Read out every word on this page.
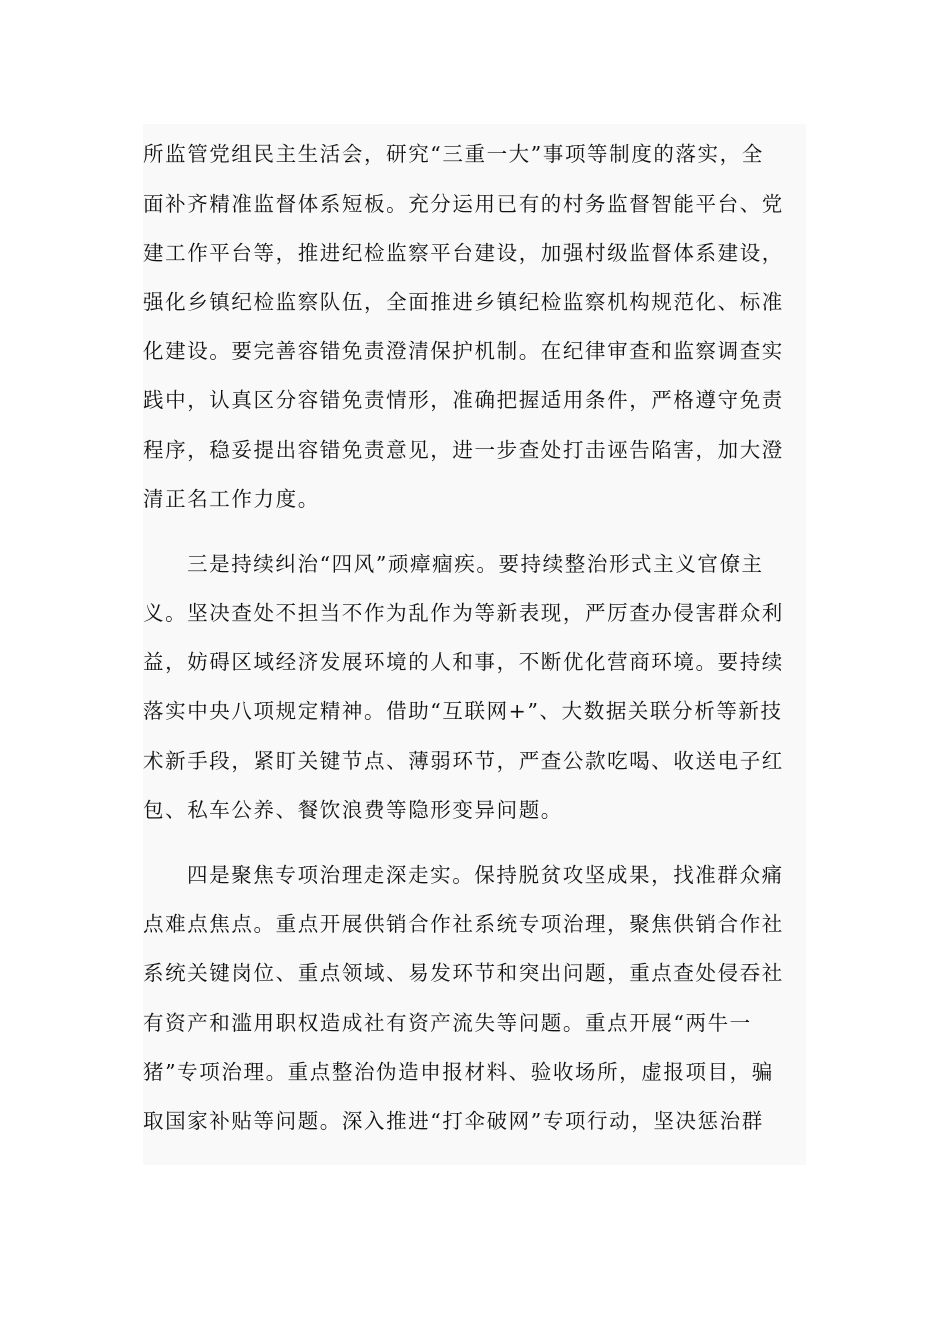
所监管党组民主生活会，研究“三重一大”事项等制度的落实，全
面补齐精准监督体系短板。充分运用已有的村务监督智能平台、党
建工作平台等，推进纪检监察平台建设，加强村级监督体系建设，
强化乡镇纪检监察队伍，全面推进乡镇纪检监察机构规范化、标准
化建设。要完善容错免责澄清保护机制。在纪律审查和监察调查实
践中，认真区分容错免责情形，准确把握适用条件，严格遵守免责
程序，稳妥提出容错免责意见，进一步查处打击诬告陷害，加大澄
清正名工作力度。
三是持续纠治“四风”顽瘴痼疾。要持续整治形式主义官僚主
义。坚决查处不担当不作为乱作为等新表现，严厉查办侵害群众利
益，妨碍区域经济发展环境的人和事，不断优化营商环境。要持续
落实中央八项规定精神。借助“互联网+”、大数据关联分析等新技
术新手段，紧盯关键节点、薄弱环节，严查公款吃喝、收送电子红
包、私车公养、餐饮浪费等隐形变异问题。
四是聚焦专项治理走深走实。保持脱贫攻坚成果，找准群众痛
点难点焦点。重点开展供销合作社系统专项治理，聚焦供销合作社
系统关键岗位、重点领域、易发环节和突出问题，重点查处侵吞社
有资产和滥用职权造成社有资产流失等问题。重点开展“两牛一
猪”专项治理。重点整治伪造申报材料、验收场所，虚报项目，骗
取国家补贴等问题。深入推进“打伞破网”专项行动，坚决惩治群
